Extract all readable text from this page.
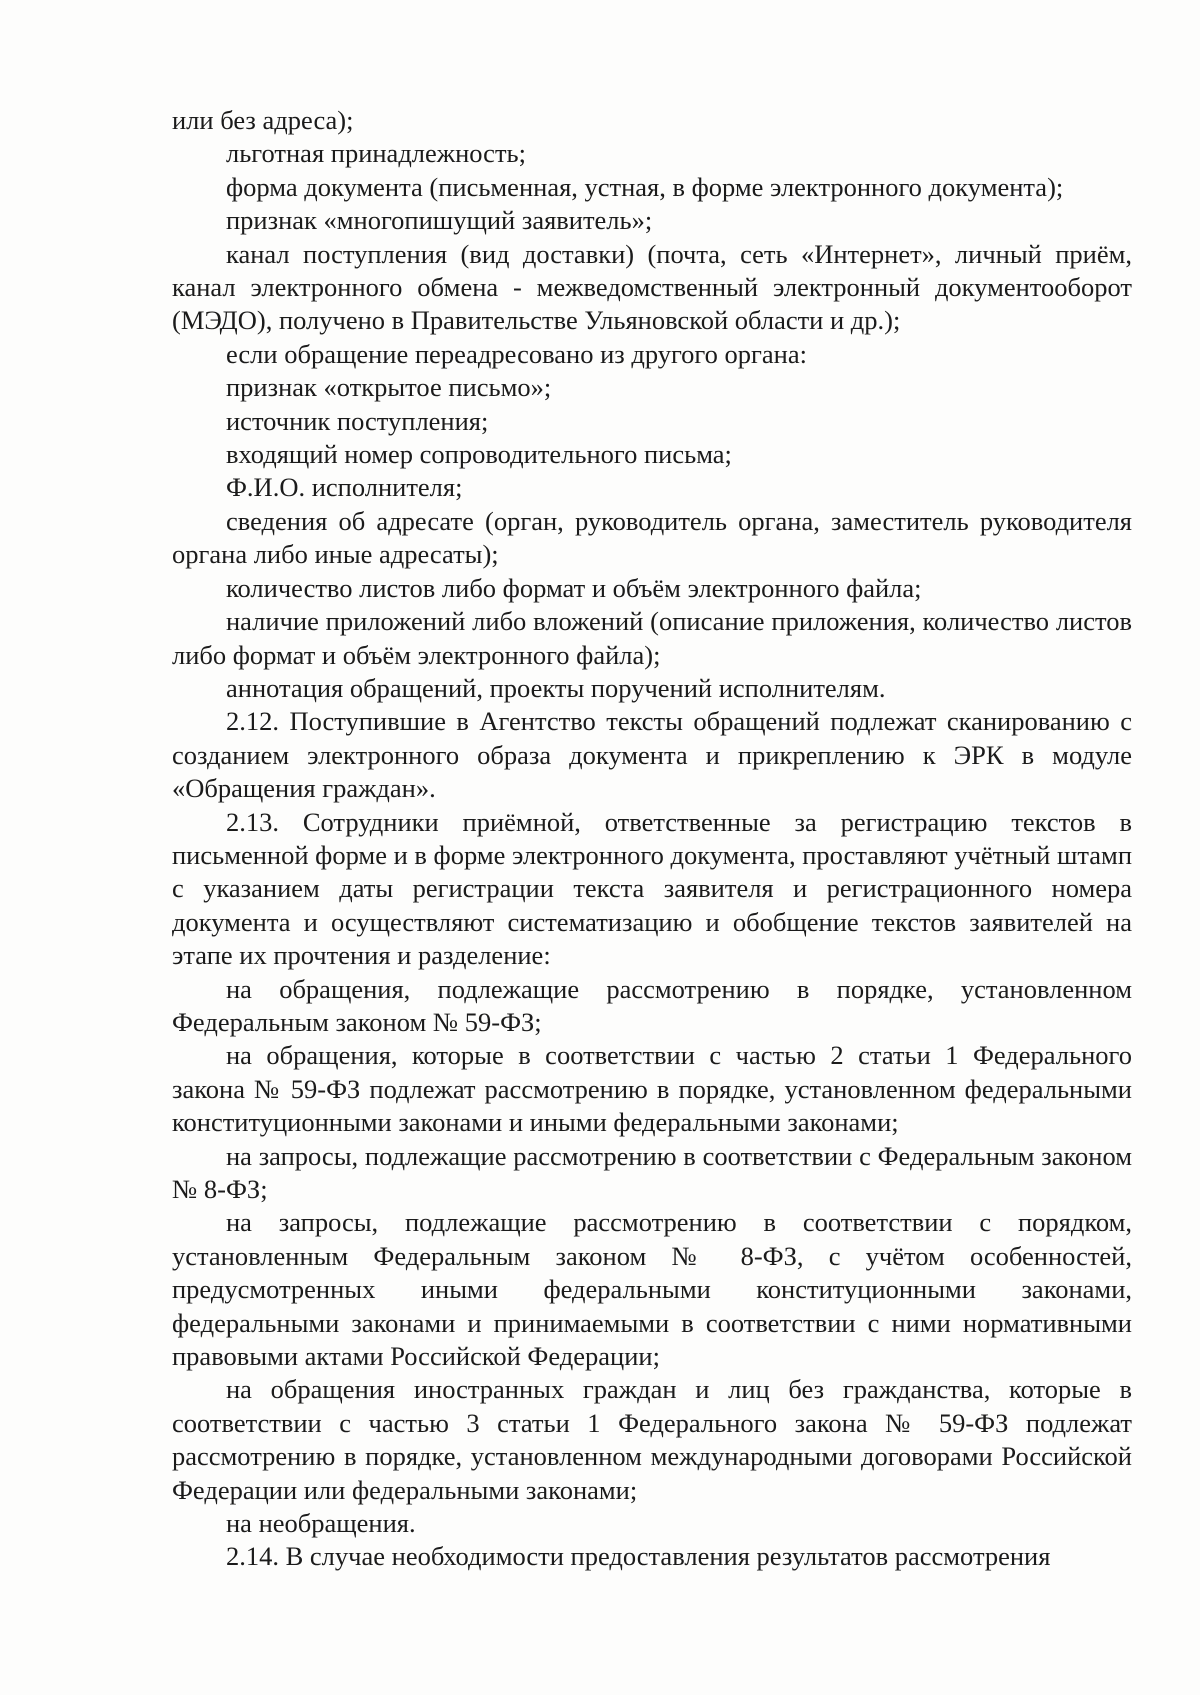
или без адреса);

льготная принадлежность;

форма документа (письменная, устная, в форме электронного документа);

признак «многопишущий заявитель»;

канал поступления (вид доставки) (почта, сеть «Интернет», личный приём, канал электронного обмена - межведомственный электронный документооборот (МЭДО), получено в Правительстве Ульяновской области и др.);

если обращение переадресовано из другого органа:

признак «открытое письмо»;

источник поступления;

входящий номер сопроводительного письма;

Ф.И.О. исполнителя;

сведения об адресате (орган, руководитель органа, заместитель руководителя органа либо иные адресаты);

количество листов либо формат и объём электронного файла;

наличие приложений либо вложений (описание приложения, количество листов либо формат и объём электронного файла);

аннотация обращений, проекты поручений исполнителям.

2.12. Поступившие в Агентство тексты обращений подлежат сканированию с созданием электронного образа документа и прикреплению к ЭРК в модуле «Обращения граждан».

2.13. Сотрудники приёмной, ответственные за регистрацию текстов в письменной форме и в форме электронного документа, проставляют учётный штамп с указанием даты регистрации текста заявителя и регистрационного номера документа и осуществляют систематизацию и обобщение текстов заявителей на этапе их прочтения и разделение:

на обращения, подлежащие рассмотрению в порядке, установленном Федеральным законом № 59-ФЗ;

на обращения, которые в соответствии с частью 2 статьи 1 Федерального закона № 59-ФЗ подлежат рассмотрению в порядке, установленном федеральными конституционными законами и иными федеральными законами;

на запросы, подлежащие рассмотрению в соответствии с Федеральным законом № 8-ФЗ;

на запросы, подлежащие рассмотрению в соответствии с порядком, установленным Федеральным законом № 8-ФЗ, с учётом особенностей, предусмотренных иными федеральными конституционными законами, федеральными законами и принимаемыми в соответствии с ними нормативными правовыми актами Российской Федерации;

на обращения иностранных граждан и лиц без гражданства, которые в соответствии с частью 3 статьи 1 Федерального закона № 59-ФЗ подлежат рассмотрению в порядке, установленном международными договорами Российской Федерации или федеральными законами;

на необращения.

2.14. В случае необходимости предоставления результатов рассмотрения
